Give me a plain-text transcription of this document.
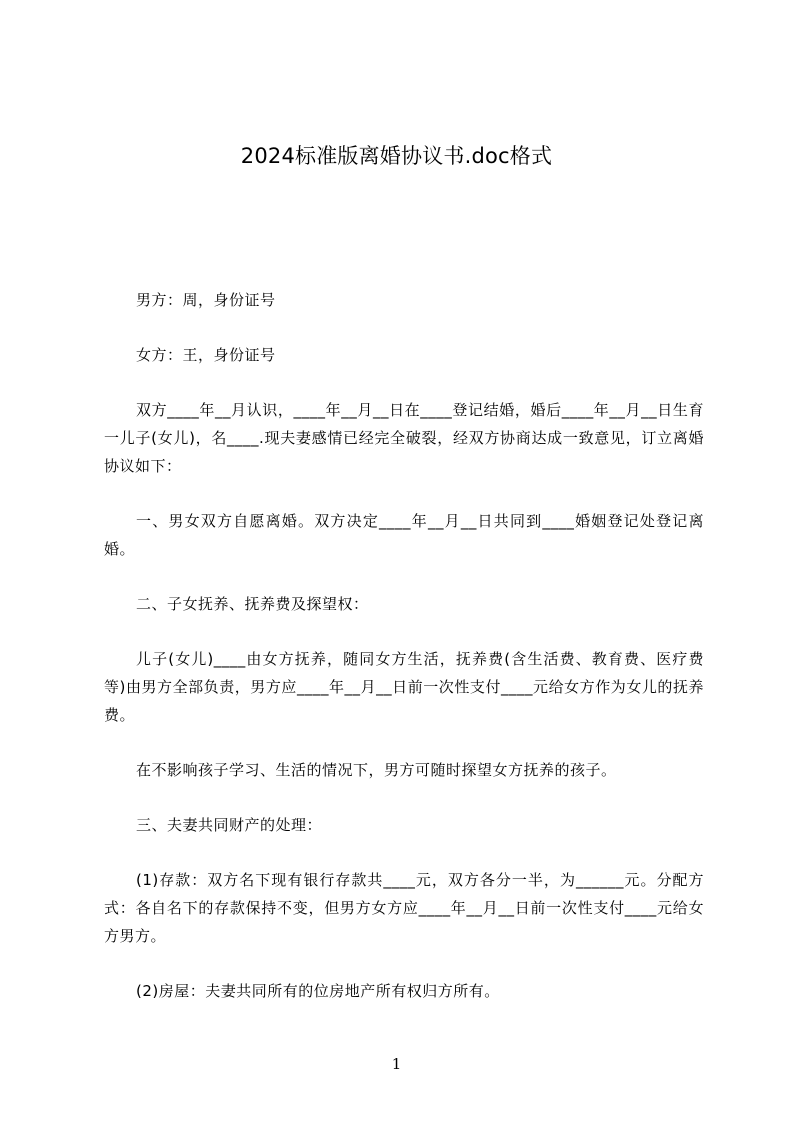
2024标准版离婚协议书.doc格式

男方：周，身份证号

女方：王，身份证号

双方____年__月认识，____年__月__日在____登记结婚，婚后____年__月__日生育一儿子(女儿)，名____.现夫妻感情已经完全破裂，经双方协商达成一致意见，订立离婚协议如下：

一、男女双方自愿离婚。双方决定____年__月__日共同到____婚姻登记处登记离婚。

二、子女抚养、抚养费及探望权：

儿子(女儿)____由女方抚养，随同女方生活，抚养费(含生活费、教育费、医疗费等)由男方全部负责，男方应____年__月__日前一次性支付____元给女方作为女儿的抚养费。

在不影响孩子学习、生活的情况下，男方可随时探望女方抚养的孩子。

三、夫妻共同财产的处理：

(1)存款：双方名下现有银行存款共____元，双方各分一半，为______元。分配方式：各自名下的存款保持不变，但男方女方应____年__月__日前一次性支付____元给女方男方。

(2)房屋：夫妻共同所有的位房地产所有权归方所有。

1
